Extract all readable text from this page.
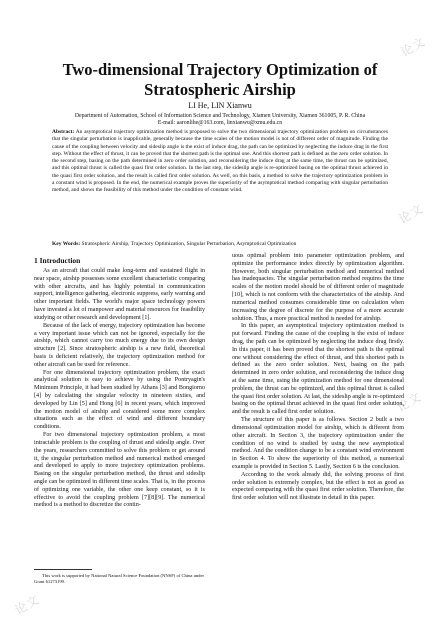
论文
论文
论文
论文
Two-dimensional Trajectory Optimization of
Stratospheric Airship
LI He, LIN Xianwu
Department of Automation, School of Information Science and Technology, Xiamen University, Xiamen 361005, P. R. China
E-mail: aaronlihe@163.com, linxianwu@xmu.edu.cn
Abstract: An asymptotical trajectory optimization method is proposed to solve the two dimensional trajectory optimization problem on circumstances that the singular perturbation is inapplicable, generally because the time scales of the motion model is not of different order of magnitude. Finding the cause of the coupling between velocity and sideslip angle is the exist of induce drag, the path can be optimized by neglecting the induce drag in the first step. Without the effect of thrust, it can be proved that the shortest path is the optimal one. And this shortest path is defined as the zero order solution. In the second step, basing on the path determined in zero order solution, and reconsidering the induce drag at the same time, the thrust can be optimized, and this optimal thrust is called the quasi first order solution. In the last step, the sideslip angle is re-optimized basing on the optimal thrust achieved in the quasi first order solution, and the result is called first order solution. As well, on this basis, a method to solve the trajectory optimization problem in a constant wind is proposed. In the end, the numerical example proves the superiority of the asymptotical method comparing with singular perturbation method, and shows the feasibility of this method under the condition of constant wind.
Key Words: Stratospheric Airship, Trajectory Optimization, Singular Perturbation, Asymptotical Optimization
1 Introduction

As an aircraft that could make long-term and sustained flight in near space, airship possesses some excellent characteristic comparing with other aircrafts, and has highly potential in communication support, intelligence gathering, electronic suppress, early warning and other important fields. The world's major space technology powers have invested a lot of manpower and material resources for feasibility studying or other research and development [1].

Because of the lack of energy, trajectory optimization has become a very important issue which can not be ignored, especially for the airship, which cannot carry too much energy due to its own design structure [2]. Since stratospheric airship is a new field, theoretical basis is deficient relatively, the trajectory optimization method for other aircraft can be used for reference.

For one dimensional trajectory optimization problem, the exact analytical solution is easy to achieve by using the Pontryagin's Minimum Principle, it had been studied by Athans [3] and Bongiorno [4] by calculating the singular velocity in nineteen sixties, and developed by Lin [5] and Hong [6] in recent years, which improved the motion model of airship and considered some more complex situations such as the effect of wind and different boundary conditions.

For two dimensional trajectory optimization problem, a most intractable problem is the coupling of thrust and sideslip angle. Over the years, researchers committed to solve this problem or get around it, the singular perturbation method and numerical method emerged and developed to apply to more trajectory optimization problems. Basing on the singular perturbation method, the thrust and sideslip angle can be optimized in different time scales. That is, in the process of optimizing one variable, the other one keep constant, so it is effective to avoid the coupling problem [7][8][9]. The numerical method is a method to discretize the contin-

uous optimal problem into parameter optimization problem, and optimize the performance index directly by optimization algorithm. However, both singular perturbation method and numerical method has inadequacies. The singular perturbation method requires the time scales of the motion model should be of different order of magnitude [10], which is not conform with the characteristics of the airship. And numerical method consumes considerable time on calculation when increasing the degree of discrete for the purpose of a more accurate solution. Thus, a more practical method is needed for airship.

In this paper, an asymptotical trajectory optimization method is put forward. Finding the cause of the coupling is the exist of induce drag, the path can be optimized by neglecting the induce drag firstly. In this paper, it has been proved that the shortest path is the optimal one without considering the effect of thrust, and this shortest path is defined as the zero order solution. Next, basing on the path determined in zero order solution, and reconsidering the induce drag at the same time, using the optimization method for one dimensional problem, the thrust can be optimized, and this optimal thrust is called the quasi first order solution. At last, the sideslip angle is re-optimized basing on the optimal thrust achieved in the quasi first order solution, and the result is called first order solution.

The structure of this paper is as follows. Section 2 built a two dimensional optimization model for airship, which is different from other aircraft. In Section 3, the trajectory optimization under the condition of no wind is studied by using the new asymptotical method. And the condition change to be a constant wind environment in Section 4. To show the superiority of this method, a numerical example is provided in Section 5. Lastly, Section 6 is the conclusion.

According to the work already did, the solving process of first order solution is extremely complex, but the effect is not as good as expected comparing with the quasi first order solution. Therefore, the first order solution will not illustrate in detail in this paper.

This work is supported by National Natural Science Foundation (NNSF) of China under Grant 61273199.
